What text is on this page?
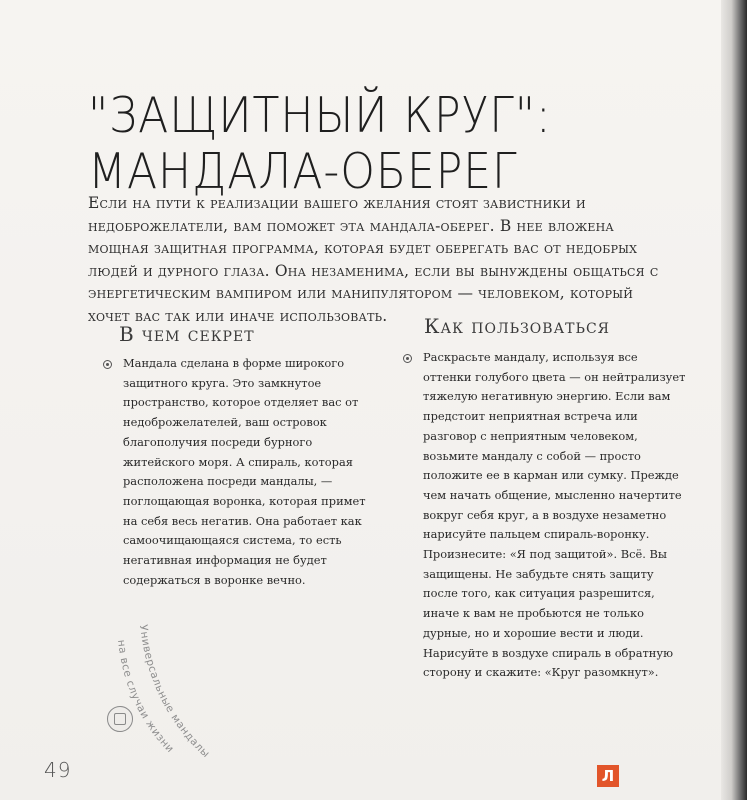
"ЗАЩИТНЫЙ КРУГ":
МАНДАЛА-ОБЕРЕГ
Если на пути к реализации вашего желания стоят завистники и недоброжелатели, вам поможет эта мандала-оберег. В нее вложена мощная защитная программа, которая будет оберегать вас от недобрых людей и дурного глаза. Она незаменима, если вы вынуждены общаться с энергетическим вампиром или манипулятором — человеком, который хочет вас так или иначе использовать.
В чем секрет
Мандала сделана в форме широкого защитного круга. Это замкнутое пространство, которое отделяет вас от недоброжелателей, ваш островок благополучия посреди бурного житейского моря. А спираль, которая расположена посреди мандалы, — поглощающая воронка, которая примет на себя весь негатив. Она работает как самоочищающаяся система, то есть негативная информация не будет содержаться в воронке вечно.
Как пользоваться
Раскрасьте мандалу, используя все оттенки голубого цвета — он нейтрализует тяжелую негативную энергию. Если вам предстоит неприятная встреча или разговор с неприятным человеком, возьмите мандалу с собой — просто положите ее в карман или сумку. Прежде чем начать общение, мысленно начертите вокруг себя круг, а в воздухе незаметно нарисуйте пальцем спираль-воронку. Произнесите: «Я под защитой». Всё. Вы защищены. Не забудьте снять защиту после того, как ситуация разрешится, иначе к вам не пробьются не только дурные, но и хорошие вести и люди. Нарисуйте в воздухе спираль в обратную сторону и скажите: «Круг разомкнут».
Универсальные мандалы
на все случаи жизни
49	Л
